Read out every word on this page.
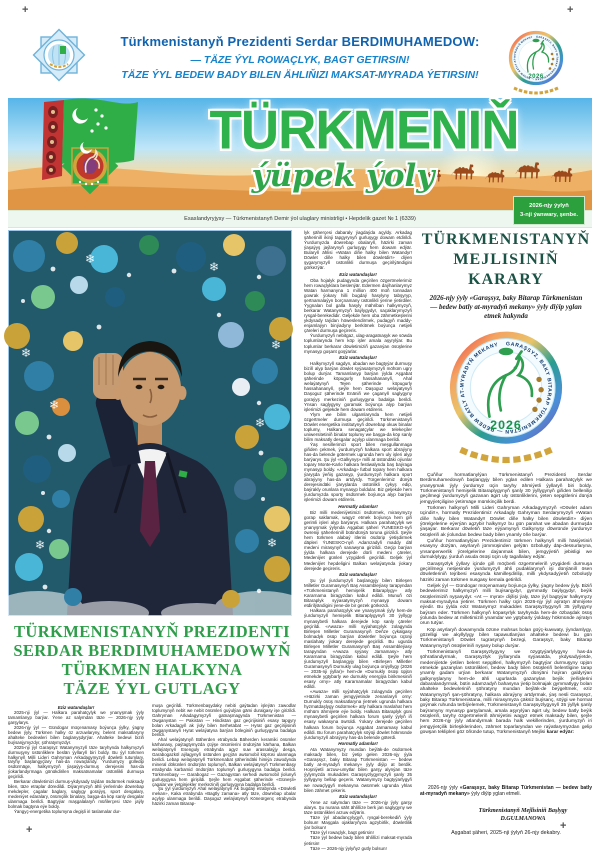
+	+
+	+
Türkmenistanyň Prezidenti Serdar BERDIMUHAMEDOW:
— TÄZE ÝYL ROWAÇLYK, BAGT GETIRSIN!
TÄZE ÝYL BEDEW BADY BILEN ÄHLIŇIZI MAKSAT-MYRADA ÝETIRSIN!
TÜRKMENIŇ
ýüpek ýoly
2026-njy ýylyň
3-nji ýanwary, şenbe.
Esaslandyryjysy — Türkmenistanyň Demir ýol ulaglary ministrligi • Hepdelik gazet № 1 (6339)
❄
❄
❄
❄
❄
❄
❄	❄

lyk şäherçesi dabaraly ýagdaýda açyldy. Arkadag şäheriniň ikinji tapgyrynyň gurluşygy dowam etdirildi. Ýurdumyzda döwrebap obalaryň, häzirki zaman ýaşaýyş jaýlarynyň gurluşygy hem dowam edýär. Bularyň ählisi «Watan diňe halky bilen Watandyr! Döwlet diňe halky bilen döwletdir!» diýen şygarymyzyň üstünlikli durmuşa geçirilýändigini görkezýär.

Eziz watandaşlar!

Oba hojalyk pudagynda geçirilen özgertmelerimiz hem rowaçlyklara beslenýär. Edermen daýhanlarymyz Watan harmanyna 1 million 400 müň tonnadan gowrak ýokary hilli bugdaý hasylyny tabşyryp, şertnamalaýyn borçnamany üstünlikli ýerine ýetirdiler. Ýygnalan bol galla hasyly mähriban halkymyzyň, berkarar Watanymyzyň baýlygydyr, saçaklarymyzyň rysgal-berekedidir. Geljekde hem oba zähmetkeşlerini ykdysady taýdan höweslendirmek, pudagyň maddy-enjamlaýyn binýadyny berkitmek boýunça netijeli çäreleri durmuşa geçireris.

Ýurdumyzyň nebitgaz, ulag-aragatnaşyk we söwda toplumlarynda hem köp işler amala aşyrylýar. Bu toplumlar berkarar döwletimiziň gazanýan ösüşlerine mynasyp goşant goşýarlar.

Eziz watandaşlar!

Halkymyzyň sagdyn, abadan we bagtyýar durmuşy biziň alyp barýan döwlet syýasatymyzyň möhüm ugry bolup durýar. Tamamlanyp barýan ýylda Aşgabat şäherinde köpugurly hassahananyň, Ahal welaýatynyň Tejen şäherinde köpugurly hassahananyň, şeýle hem Daşoguz welaýatynyň Daşoguz şäherinde Enäniň we çaganyň saglygyny goraýyş merkeziniň gurluşygyna badalga berildi. Ynsan saglygyny goramak boýunça alyp barýan işlerimizi geljekde hem dowam etdireris.

Ylym we bilim ulgamlarynda hem netijeli özgertmeler durmuşa geçirildi. Türkmenistanyň Döwlet energetika institutynyň döwrebap okuw binalar toplumy, Halkara senagatçylar we telekeçiler uniwersitetiniň binalar toplumy we başga-da köp sanly bilim maksatly desgalar açylyp ulanmaga berildi.

Ýaş nesillerimizi sport bilen meşgullanmaga giňden çekmek, ýurdumyzyň halkara sport abraýyny has-da belende götermek ugrunda hem uly işleri alyp barýarys. Şu ýyl «Galkynyş» milli at üstündäki oýunlar topary Monte-Karlo halkara festiwalynda baş baýraga mynasyp boldy. «Arkadag» futbol topary hem halkara ýaryşda ýeňiş gazanyp, ýurdumyzyň halkara sport abraýyny has-da artdyrdy. Türgenlerimiz dünýä derejesindäki ýaryşlarda üstünlikli çykyş edip, baýrakly orunlara mynasyp boldular. Biz geljekde hem ýurdumyzda sporty ösdürmek boýunça alyp barýan işlerimizi dowam etdireris.

Hormatly adamlar!

Biz milli medeniýetimizi ösdürmek, mirasymyzy gorap saklamak, wagyz etmek boýunça hem giň gerimli işleri alyp barýarys. Halkara parahatçylyk we ynanyşmak ýylynda Aşgabat şäheri ÝUNESKO-nyň öwreniji şäherleriniň bütindünýä toruna girizildi. Şeýle hem türkmen alabaý itlerini ösdürip ýetişdirmek däpleri ÝUNESKO-nyň Adamzadyň maddy däl medeni mirasynyň sanawyna girizildi. Geçip barýan ýylda halkara derejede dürli medeni çäreler, Medeniýet günleri yzygiderli geçirildi. Geljek ýyl Medeniýet hepdeligini Balkan welaýatynda ýokary derejede geçireris.

Eziz watandaşlar!

Şu ýyl ýurdumyzyň başlangyjy bilen Birleşen Milletler Guramasynyň Baş Assambleýasy tarapyndan «Türkmenistanyň hemişelik Bitaraplygy» atly Kararnama biragyzdan kabul edildi. Munuň özi Bitaraplyk syýasatymyzyň mynasyp dowam etdirilýändigini ýene-de bir gezek görkezdi.

Halkara parahatçylyk we ynanyşmak ýyly hem-de ýurdumyzyň hemişelik Bitaraplygynyň 30 ýyllygy mynasybetli halkara derejede köp sanly çäreler geçirildi. «Awaza» milli syýahatçylyk zolagynda Birleşen Milletler Guramasynyň Deňze çykalgasy bolmadyk ösüp barýan döwletler boýunça üçünji maslahaty ýokary derejede geçirildi. Bu ugurda Birleşen Milletler Guramasynyň Baş Assambleýasy tarapyndan «Awaza syýasy Jarnamasy» atly Kararnama biragyzdan kabul edildi. Şeýle hem ýurdumyzyň başlangyjy bilen «Birleşen Milletler Guramasynyň Durnukly ulag boýunça onýyllygy (2026 — 2035-nji ýyllar)» hem-de «Durnukly ösüşi üpjün etmekde ygtybarly we durnukly energiýa birikmesiniň esasy orny» atly Kararnamalar biragyzdan kabul edildi.

«Awaza» milli syýahatçylyk zolagynda geçirilen «Häzirki zaman jemgyýetinde zenanlaryň orny: Durnukly ösüş maksatlaryna ýetmek ugrunda halkara hyzmatdaşlygy ösdürmek» atly halkara maslahat hem möhüm ähmiýete eýe boldy. Halkara Bitaraplyk güni mynasybetli geçirilen halkara forum şanly ýylyň iň esasy wakasyna öwrüldi. Ýokary derejede geçirilen halkara forum boýunça Aşgabat Jarnamasy kabul edildi. Bu forum parahatçylyk söýüji döwlet hökmünde ýurdumyzyň abraýyny has-da belende göterdi.

Hormatly adamlar!

Ata Watanymyzy mundan beýläk-de ösdürmek maksady bilen, biz ýetip gelen 2026-njy ýyla «Garaşsyz, baky Bitarap Türkmenistan — bedew batly at-myradyň mekany» ýyly diýip at berdik. Hoşniýetli arzuw-umytlar bilen garşy alynýan täze ýylymyzda mukaddes Garaşsyzlygymyzyň şanly 35 ýyllygyny bellap geçeris. Watanymyzy bagtyýarlygyň we rowaçlygyň mekanyna öwürmek ugrunda yhlas bilen zähmet çekeris.

Eziz watandaşlar!

Ýene az salymdan täze — 2026-njy ýyly garşy alarys. Şu nurana säht ähliňize berk jan saglygyny we täze üstünlikleri arzuw edýärin.

Täze ýyl abadançylygyň, rysgal-berekediň ýyly bolsun! Maşgala ojaklaryňyza agzybirlik, döwletlilik ýar bolsun!

Täze ýyl rowaçlyk, bagt getirsin!

Täze ýyl bedew bady bilen ähliňizi maksat-myrada ýetirsin!

Täze — 2026-njy ýylyňyz gutly bolsun!

TÜRKMENISTANYŇ PREZIDENTI
SERDAR BERDIMUHAMEDOWYŇ
TÜRKMEN HALKYNA
TÄZE ÝYL GUTLAGY

Eziz watandaşlar!

2025-nji ýyl — Halkara parahatçylyk we ynanyşmak ýyly tamamlanyp barýar. Ýene az salymdan täze — 2026-njy ýyly garşylarys.

2026-njy ýyl — Gündogar müçenamasy boýunça ýylky, ýagny bedew ýyly. Türkmen halky öz arzuwlaryny, belent maksatlaryny ahalteke bedewleri bilen baglanyşdyrýar. Ahalteke bedewi biziň buýsanjymyzdyr, şöhratymyzdyr.

2025-nji ýyl Garaşsyz Watanymyzyň täze taryhynda halkymyzyň durmuşyny üstünliklere beslän ýyllaryň biri boldy. Bu ýyl türkmen halkynyň Milli Lideri Gahryman Arkadagymyzyň döwletli tutumlary, taryhy başlangyçlary has-da rowaçlandy. Ýurdumyzy gülledip ösdürmäge, halkymyzyň ýaşaýyş-durmuş derejesini has-da ýokarlandyrmaga gönükdirilen maksatnamalar üstünlikli durmuşa geçirildi.

Berkarar döwletimizi durmuş-ykdysady taýdan ösdürmek maksady bilen, täze etraplar döredildi. Diýarymyzyň ähli ýerlerinde döwrebap mekdepler, çagalar baglary, saglygy goraýyş, sport desgalary, medeniýet edaralary, önümçilik binalary, başga-da köp sanly desgalar ulanmaga berildi. Bagtyýar maşgalalaryň müňlerçesi täze jaýly bolmak bagtyna eýe boldy.

Ýangyç-energetika toplumyna degişli iri taslamalar dur-

muşa geçirildi. Türkmenbaşydaky nebiti gaýtadan işleýän zawodlar toplumynyň nebit we nebit önümleri guýulýan gämi duralgasy işe girizildi. Gahryman Arkadagymyzyň gatnaşmagynda Türkmenistan — Owganystan — Pakistan — Hindistan gaz geçirijisiniň esasy tapgyry bolan Arkadagyň ak ýoly bilen Serhetabat — Hyrat gaz geçirijisiniň Owganystanyň Hyrat welaýatyna barýan böleginiň gurluşygyna badalga berildi.

Ahal welaýatynyň Bäherden etrabynda Bäherden keramiki önümler kärhanasy, paýtagtymyzda çüýşe önümlerini öndürýän kärhana, Balkan welaýatynyň Esenguly etrabynda agyz suw arassalaýjy desga, Garabogazköl aýlagynyň üstünden geçýän awtomobil köprüsi ulanmaga berildi. Lebap welaýatynyň Türkmenabat şäherindäki himiýa zawodynda mineral dökünleri öndürýän toplumyň, Balkan welaýatynyň Türkmenbaşy etrabynda karbamid öndürýän toplumyň gurluşygyna badalga berildi. Türkmenbaşy — Garabogaz — Gazagystan serhedi awtomobil ýolunyň gurluşygyna hem girişildi. Şeýle hem Aşgabat şäherinde «Güneşli» çagalar we ýetginjekler merkeziniň gurluşygyna badalga berildi.

Şu ýyl ýurdumyzyň Ahal welaýatynyň Ak bugdaý etrabynda «Döwletli mekan», Kaka etrabynda «Bagtly zamana» atly täze, döwrebap obalar açylyp ulanmaga berildi. Daşoguz welaýatynyň Köneürgenç etrabynda häzirki zaman Bitarap-

TÜRKMENISTANYŇ
MEJLISINIŇ
KARARY
2026-njy ýyly «Garaşsyz, baky Bitarap Türkmenistan — bedew batly at-myradyň mekany» ýyly diýip yglan etmek hakynda

Çuňňur hormatlanylýan Türkmenistanyň Prezidenti Serdar Berdimuhamedowyň başlangyjy bilen yglan edilen Halkara parahatçylyk we ynanyşmak ýyly ýurdumyz üçin taryhy ähmiýetli ýyllaryň biri boldy. Türkmenistanyň hemişelik Bitaraplygynyň şanly 30 ýyllygynyň giňden bellenilip geçilmegi ýurdumyzyň gazanan ägirt uly üstünliklerini, ýeten sepgitlerini dünýä jemgyýetçiligine ýetirmäge mümkinçilik berdi.

Türkmen halkynyň Milli Lideri Gahryman Arkadagymyzyň «Döwlet adam üçindir!», hormatly Prezidentimiz Arkadagly Gahryman Serdarymyzyň «Watan diňe halky bilen Watandyr! Döwlet diňe halky bilen döwletdir!» diýen ýörelgelerine eýerýän agzybir halkymyz bu gün parahat we abadan durmuşda ýaşaýar. Berkarar döwletiň täze eýýamynyň Galkynyşy döwründe ýurdumyz ösüşleriň ak ýolundan bedew bady bilen ynamly öňe barýar.

Çuňňur hormatlanylýan Prezidentimiz türkmen halkynyň milli häsiýetiniň esasyny düzýän, asyrlaryň jümmüşinden gelýän özboluşly däp-dessurlaryna, ynsanperwerlik ýörelgelerine daýanmak bilen, jemgyýetiň jebisligi we durnuklylygy, ýurduň asuda ösüşi üçin uly tagallalary edýär.

Garaşsyzlyk ýyllary içinde giň möçberli özgertmeleriň yzygiderli durmuşa geçirilmegi netijesinde ýurdumyzyň ähli pudaklarynyň işi dünýäniň ösen döwletleriniň tejribesi esasynda kämilleşdirilip, milli ykdysadyýetiň özboluşly häzirki zaman türkmen nusgasy kemala getirildi.

Geljek ýyl — Gündogar müçenamasy boýunça ýylky, ýagny bedew ýyly. Biziň bedewlerimiz halkymyzyň milli buýsanjydyr, gymmatly baýlygydyr, beýik ösüşlerimiziň nyşanydyr. «At — myrat» diýlişi ýaly, täze ýyl bagtyýar halkymyzy maksat-myradyna ýetirer. Türkmen halky üçin 2026-njy ýyl aýratyn ähmiýete eýedir. Bu ýylda eziz Watanymyz mukaddes Garaşsyzlygynyň 35 ýyllygyny baýram eder. Türkmen halkynyň köpasyrlyk taryhynda hem-de özbaşdak ösüş ýolunda bedew at milletimiziň ynamdar we ygtybarly ýoldaşy hökmünde aýratyn orun tutýar.

Köp asyrlaryň dowamynda özüne mahsus bolan güýç-kuwwaty, ýyndamlygy, gözelligi we akyllylygy bilen tapawutlanýan ahalteke bedewi bu gün Türkmenistanyň Döwlet tugrasynyň bezegi, Garaşsyz, baky Bitarap Watanymyzyň ösüşleriniň nyşany bolup durýar.

Türkmenistanyň Garaşsyzlygyny we özygtyýarlylygyny has-da şöhratlandyrmak, Garaşsyzlyk ýyllarynda syýasatda, ykdysadyýetde, medeniýetde ýetilen belent sepgitleri, halkymyzyň bagtyýar durmuşyny üpjün etmekde gazanylan üstünlikleri, bedew bady bilen ösüşleriň belentligine tarap ynamly gadam urýan berkarar Watanymyzyň dünýäni haýran galdyrýan galkynyşlaryny hem-de ähli ugurlarda gazanylan beýik ýeňişlerini dabaralandyrmak, bütin adamzadyň bahasyna ýetip bolmajak gymmatlygy bolan ahalteke bedewleriniň şöhratyny mundan beýläk-de beýgeltmek, eziz Watanymyzyň şan-şöhratyny, halkara abraýyny artdyrmak, ýaş nesli Garaşsyz, baky Bitarap Türkmenistana, milli mirasymyza çäksiz buýsanç, söýgi we hormat goýmak ruhunda terbiýelemek, Türkmenistanyň Garaşsyzlygynyň 35 ýyllyk şanly baýramyny mynasyp garşylamak, amala aşyrylýan ägirt uly, bedew batly beýik ösüşleriň, taryhy özgertmeleriň ähmiýetini wagyz etmek maksady bilen, şeýle hem 2026-njy ýyly atlandyrmak barada halk wekillerinden, ýurdumyzyň iri jemgyýetçilik birleşiklerinden, zähmet toparlaryndan we raýatlarymyzdan gelip gowşan teklipleri göz öňünde tutup, Türkmenistanyň Mejlisi karar edýär:

2026-njy ýyly «Garaşsyz, baky Bitarap Türkmenistan — bedew batly at-myradyň mekany» ýyly diýip yglan etmeli.

Türkmenistanyň Mejlisiniň Başlygy
D.GULMANOWA
Aşgabat şäheri, 2025-nji ýylyň 26-njy dekabry.
